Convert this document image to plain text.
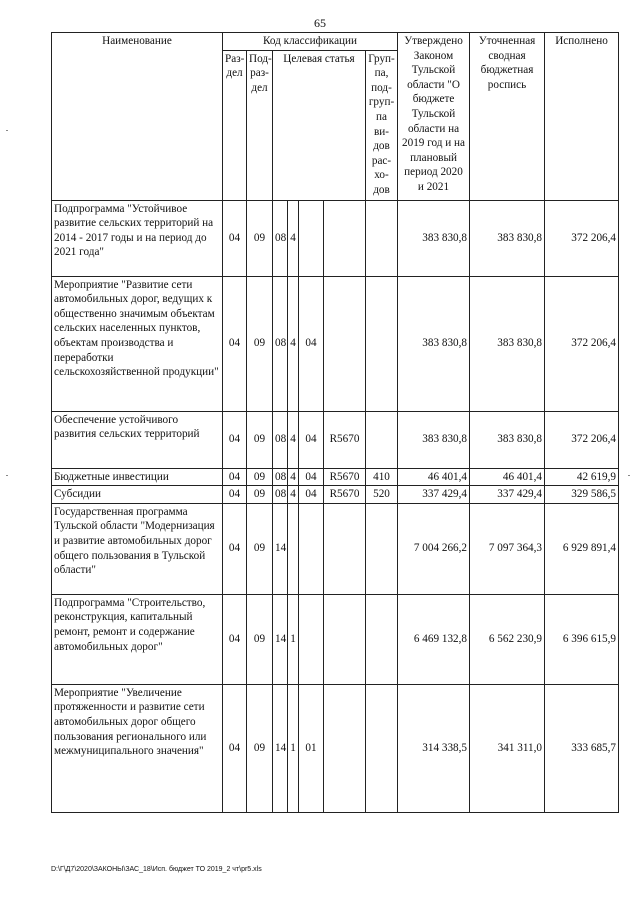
65
Наименование	Код классификации							Утверждено Законом Тульской области "О бюджете Тульской области на 2019 год и на плановый период 2020 и 2021	Уточненная сводная бюджетная роспись	Исполнено
	Раз-дел	Под-раз-дел	Целевая статья				Груп-па, под-груп-па ви-дов рас-хо-дов			
Подпрограмма "Устойчивое развитие сельских территорий на 2014 - 2017 годы и на период до 2021 года"	04	09	08	4				383 830,8	383 830,8	372 206,4
Мероприятие "Развитие сети автомобильных дорог, ведущих к общественно значимым объектам сельских населенных пунктов, объектам производства и переработки сельскохозяйственной продукции"	04	09	08	4	04			383 830,8	383 830,8	372 206,4
Обеспечение устойчивого развития сельских территорий	04	09	08	4	04	R5670		383 830,8	383 830,8	372 206,4
Бюджетные инвестиции	04	09	08	4	04	R5670	410	46 401,4	46 401,4	42 619,9
Субсидии	04	09	08	4	04	R5670	520	337 429,4	337 429,4	329 586,5
Государственная программа Тульской области "Модернизация и развитие автомобильных дорог общего пользования в Тульской области"	04	09	14					7 004 266,2	7 097 364,3	6 929 891,4
Подпрограмма "Строительство, реконструкция, капитальный ремонт, ремонт и содержание автомобильных дорог"	04	09	14	1				6 469 132,8	6 562 230,9	6 396 615,9
Мероприятие "Увеличение протяженности и развитие сети автомобильных дорог общего пользования регионального или межмуниципального значения"	04	09	14	1	01			314 338,5	341 311,0	333 685,7
D:\Г\Д7\2020\ЗАКОНЫ\ЗАС_18\Исп. бюджет ТО 2019_2 чт\pr5.xls
